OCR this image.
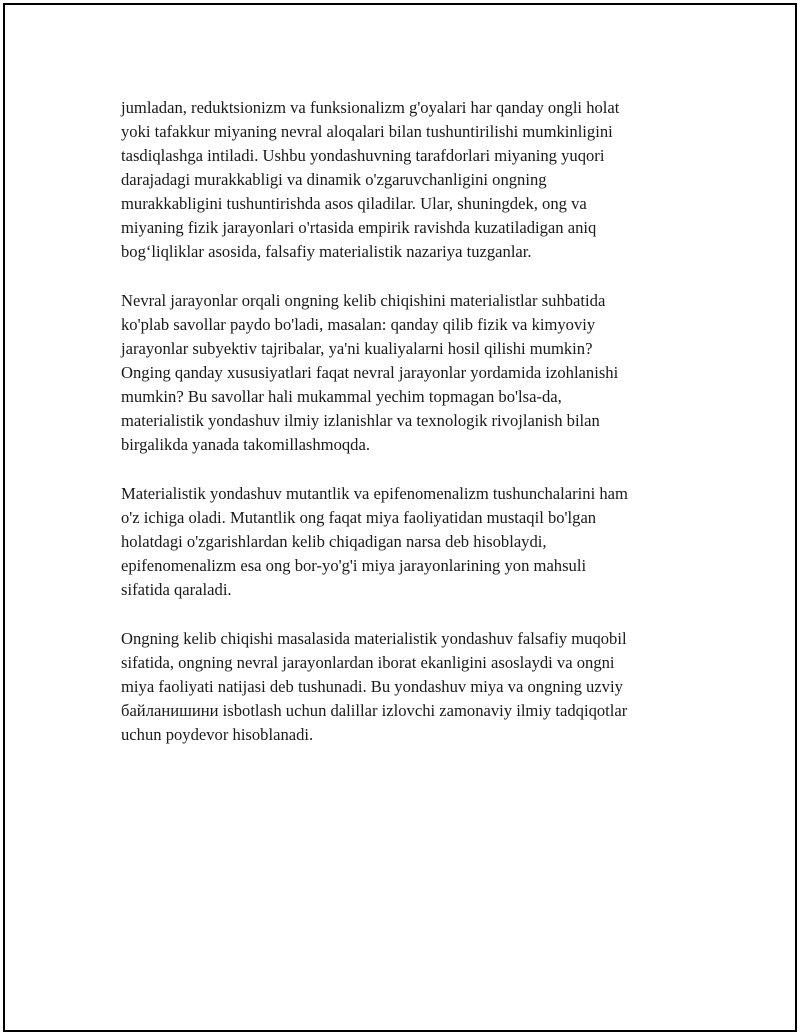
jumladan, reduktsionizm va funksionalizm g'oyalari har qanday ongli holat
yoki tafakkur miyaning nevral aloqalari bilan tushuntirilishi mumkinligini
tasdiqlashga intiladi. Ushbu yondashuvning tarafdorlari miyaning yuqori
darajadagi murakkabligi va dinamik o'zgaruvchanligini ongning
murakkabligini tushuntirishda asos qiladilar. Ular, shuningdek, ong va
miyaning fizik jarayonlari o'rtasida empirik ravishda kuzatiladigan aniq
bog‘liqliklar asosida, falsafiy materialistik nazariya tuzganlar.

Nevral jarayonlar orqali ongning kelib chiqishini materialistlar suhbatida
ko'plab savollar paydo bo'ladi, masalan: qanday qilib fizik va kimyoviy
jarayonlar subyektiv tajribalar, ya'ni kualiyalarni hosil qilishi mumkin?
Onging qanday xususiyatlari faqat nevral jarayonlar yordamida izohlanishi
mumkin? Bu savollar hali mukammal yechim topmagan bo'lsa-da,
materialistik yondashuv ilmiy izlanishlar va texnologik rivojlanish bilan
birgalikda yanada takomillashmoqda.

Materialistik yondashuv mutantlik va epifenomenalizm tushunchalarini ham
o'z ichiga oladi. Mutantlik ong faqat miya faoliyatidan mustaqil bo'lgan
holatdagi o'zgarishlardan kelib chiqadigan narsa deb hisoblaydi,
epifenomenalizm esa ong bor-yo'g'i miya jarayonlarining yon mahsuli
sifatida qaraladi.

Ongning kelib chiqishi masalasida materialistik yondashuv falsafiy muqobil
sifatida, ongning nevral jarayonlardan iborat ekanligini asoslaydi va ongni
miya faoliyati natijasi deb tushunadi. Bu yondashuv miya va ongning uzviy
байланишини isbotlash uchun dalillar izlovchi zamonaviy ilmiy tadqiqotlar
uchun poydevor hisoblanadi.
